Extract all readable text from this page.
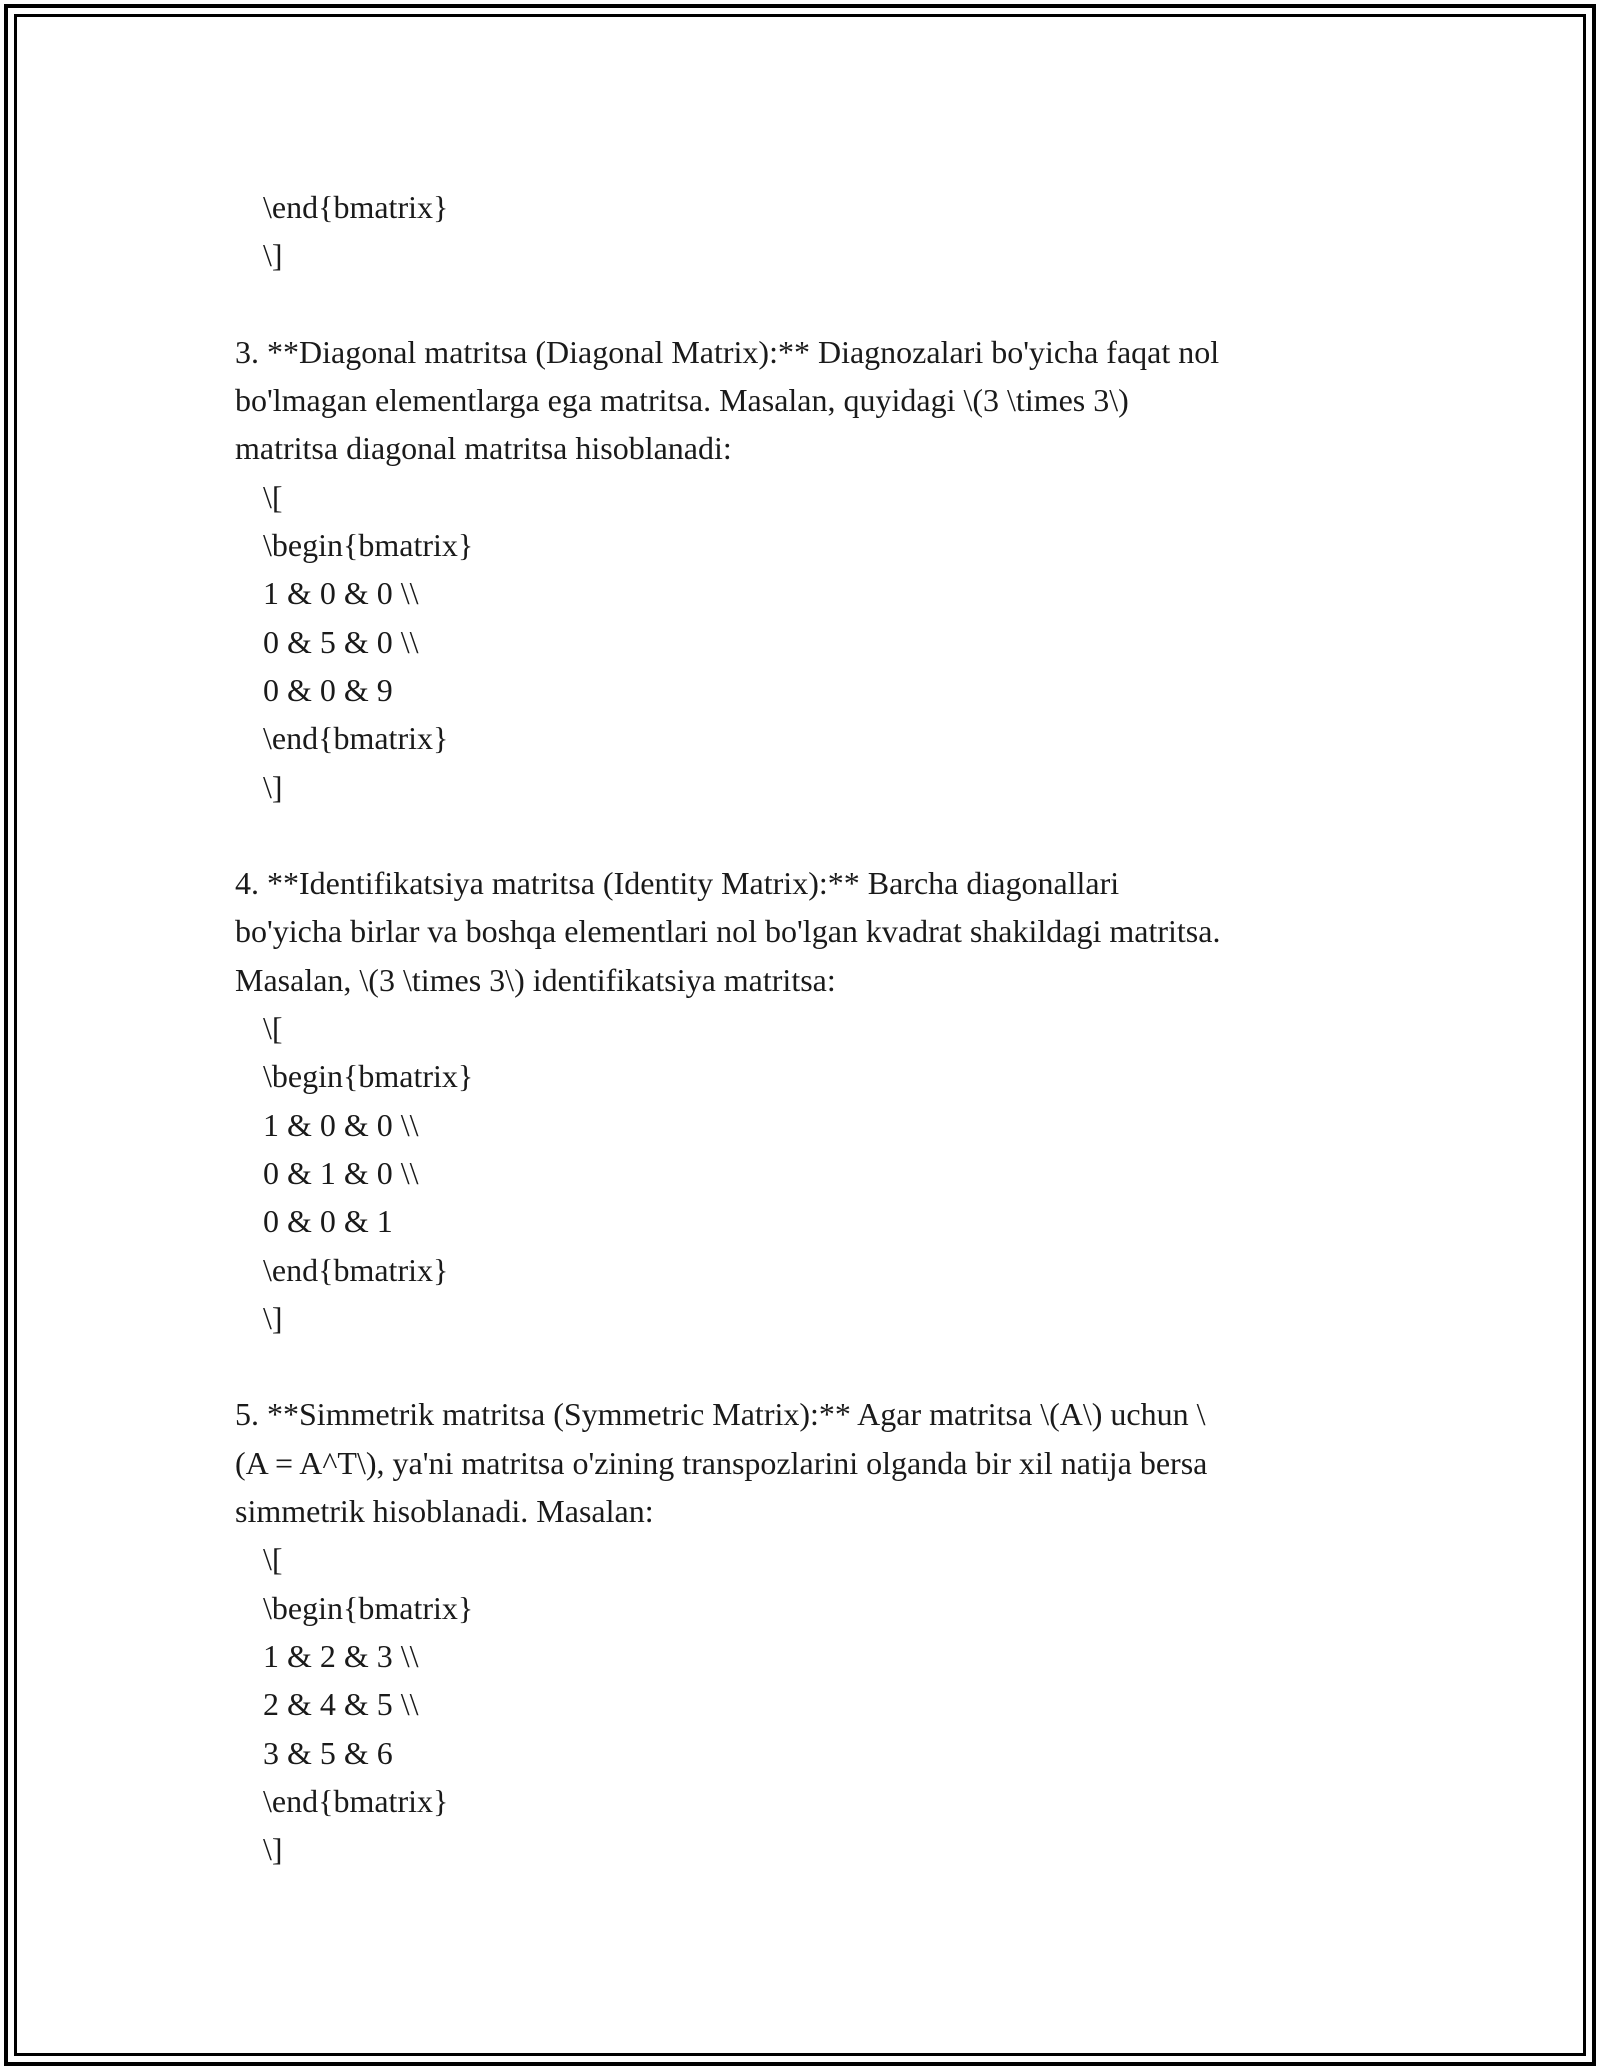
\end{bmatrix}
\]
3. **Diagonal matritsa (Diagonal Matrix):** Diagnozalari bo'yicha faqat nol
bo'lmagan elementlarga ega matritsa. Masalan, quyidagi \(3 \times 3\)
matritsa diagonal matritsa hisoblanadi:
\[
\begin{bmatrix}
1 & 0 & 0 \\
0 & 5 & 0 \\
0 & 0 & 9
\end{bmatrix}
\]
4. **Identifikatsiya matritsa (Identity Matrix):** Barcha diagonallari
bo'yicha birlar va boshqa elementlari nol bo'lgan kvadrat shakildagi matritsa.
Masalan, \(3 \times 3\) identifikatsiya matritsa:
\[
\begin{bmatrix}
1 & 0 & 0 \\
0 & 1 & 0 \\
0 & 0 & 1
\end{bmatrix}
\]
5. **Simmetrik matritsa (Symmetric Matrix):** Agar matritsa \(A\) uchun \
(A = A^T\), ya'ni matritsa o'zining transpozlarini olganda bir xil natija bersa
simmetrik hisoblanadi. Masalan:
\[
\begin{bmatrix}
1 & 2 & 3 \\
2 & 4 & 5 \\
3 & 5 & 6
\end{bmatrix}
\]
